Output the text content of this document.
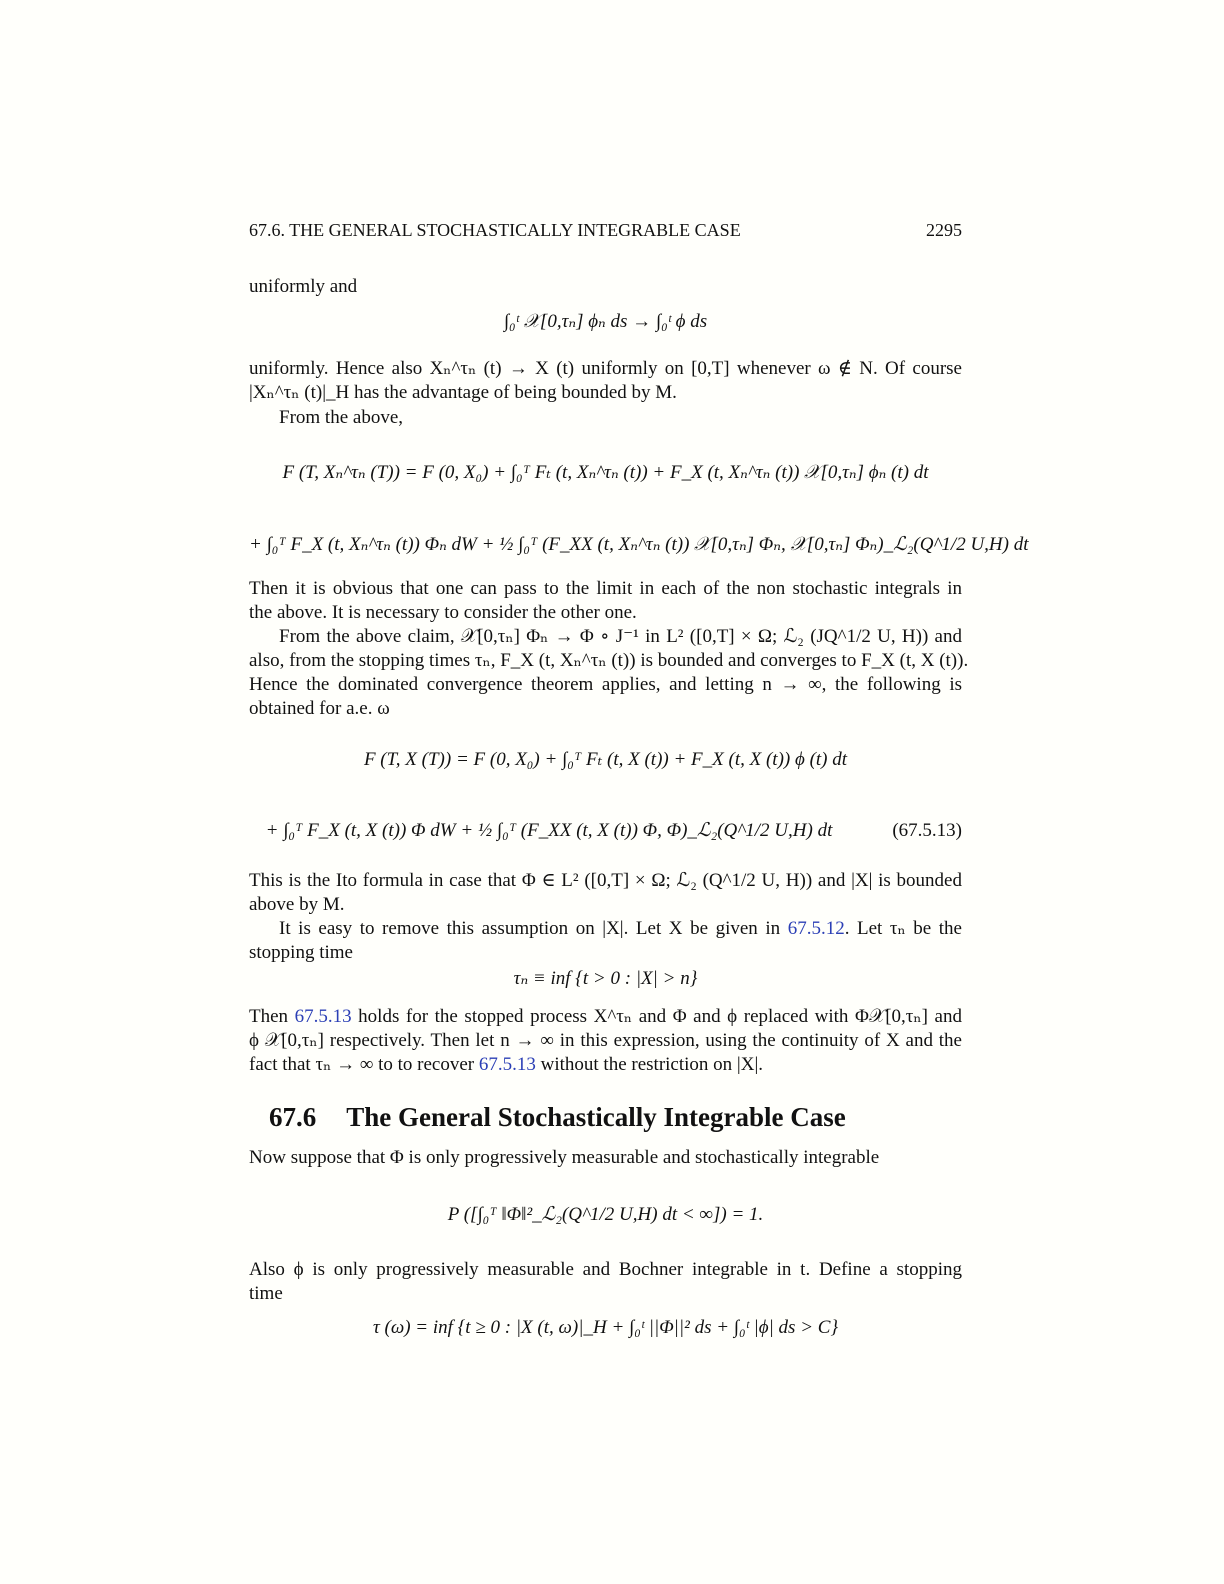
67.6. THE GENERAL STOCHASTICALLY INTEGRABLE CASE	2295
uniformly and
∫₀ᵗ 𝒳[0,τₙ] ϕₙ ds → ∫₀ᵗ ϕ ds
uniformly. Hence also Xₙ^τₙ (t) → X (t) uniformly on [0,T] whenever ω ∉ N. Of course
|Xₙ^τₙ (t)|_H has the advantage of being bounded by M.
From the above,
F (T, Xₙ^τₙ (T)) = F (0, X₀) + ∫₀ᵀ Fₜ (t, Xₙ^τₙ (t)) + F_X (t, Xₙ^τₙ (t)) 𝒳[0,τₙ] ϕₙ (t) dt
+ ∫₀ᵀ F_X (t, Xₙ^τₙ (t)) Φₙ dW + ½ ∫₀ᵀ (F_XX (t, Xₙ^τₙ (t)) 𝒳[0,τₙ] Φₙ, 𝒳[0,τₙ] Φₙ)_ℒ₂(Q^1/2 U,H) dt
Then it is obvious that one can pass to the limit in each of the non stochastic integrals in
the above. It is necessary to consider the other one.
From the above claim, 𝒳[0,τₙ] Φₙ → Φ ∘ J⁻¹ in L² ([0,T] × Ω; ℒ₂ (JQ^1/2 U, H)) and
also, from the stopping times τₙ, F_X (t, Xₙ^τₙ (t)) is bounded and converges to F_X (t, X (t)).
Hence the dominated convergence theorem applies, and letting n → ∞, the following is
obtained for a.e. ω
F (T, X (T)) = F (0, X₀) + ∫₀ᵀ Fₜ (t, X (t)) + F_X (t, X (t)) ϕ (t) dt
+ ∫₀ᵀ F_X (t, X (t)) Φ dW + ½ ∫₀ᵀ (F_XX (t, X (t)) Φ, Φ)_ℒ₂(Q^1/2 U,H) dt	(67.5.13)
This is the Ito formula in case that Φ ∈ L² ([0,T] × Ω; ℒ₂ (Q^1/2 U, H)) and |X| is bounded
above by M.
It is easy to remove this assumption on |X|. Let X be given in 67.5.12. Let τₙ be the
stopping time
τₙ ≡ inf {t > 0 : |X| > n}
Then 67.5.13 holds for the stopped process X^τₙ and Φ and ϕ replaced with Φ𝒳[0,τₙ] and
ϕ 𝒳[0,τₙ] respectively. Then let n → ∞ in this expression, using the continuity of X and the
fact that τₙ → ∞ to to recover 67.5.13 without the restriction on |X|.
67.6 The General Stochastically Integrable Case
Now suppose that Φ is only progressively measurable and stochastically integrable
P ([∫₀ᵀ ‖Φ‖²_ℒ₂(Q^1/2 U,H) dt < ∞]) = 1.
Also ϕ is only progressively measurable and Bochner integrable in t. Define a stopping
time
τ (ω) = inf {t ≥ 0 : |X (t, ω)|_H + ∫₀ᵗ ||Φ||² ds + ∫₀ᵗ |ϕ| ds > C}
